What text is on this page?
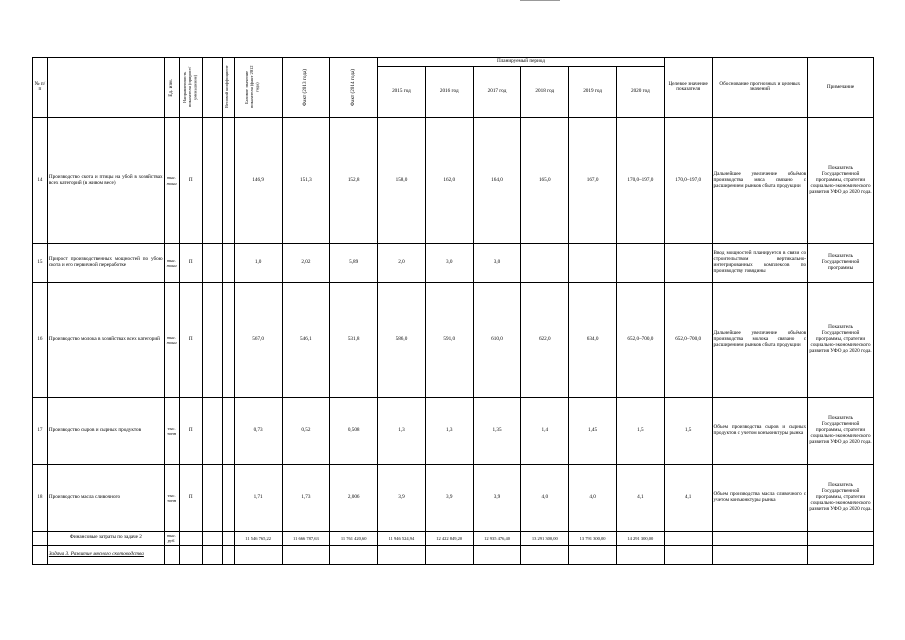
№ п/п		Ед. изм.	Направленность показателя (прирост/уменьшение)		Весовой коэффициент	Базовое значение показателя (факт 2012 года)	Факт (2013 года)	Факт (2014 года)	Планируемый период						Целевое значение показателя	Обоснование прогнозных и целевых значений	Примечание
									2015 год	2016 год	2017 год	2018 год	2019 год	2020 год			
14	Производство скота и птицы на убой в хозяйствах всех категорий (в живом весе)	тыс. тонн	П			146,9	151,3	152,8	158,0	162,0	164,0	165,0	167,0	170,0–197,0	170,0–197,0	Дальнейшее увеличение объёмов производства мяса связано с расширением рынков сбыта продукции	Показатель Государственной программы, стратегии социально-экономического развития УФО до 2020 года.
15	Прирост производственных мощностей по убою скота и его первичной переработке	тыс. тонн	П			1,0	2,02	5,89	2,0	3,0	3,0					Ввод мощностей планируется в связи со строительством вертикально-интегрированных комплексов по производству говядины	Показатель Государственной программы
16	Производство молока в хозяйствах всех категорий	тыс. тонн	П			567,0	546,1	531,8	586,0	591,0	610,0	622,0	634,0	652,0–700,0	652,0–700,0	Дальнейшее увеличение объёмов производства молока связано с расширением рынков сбыта продукции	Показатель Государственной программы, стратегии социально-экономического развития УФО до 2020 года.
17	Производство сыров и сырных продуктов	тыс. тонн	П			0,73	0,52	0,508	1,3	1,3	1,35	1,4	1,45	1,5	1,5	Объем производства сыров и сырных продуктов с учетом конъюнктуры рынка	Показатель Государственной программы, стратегии социально-экономического развития УФО до 2020 года.
18	Производство масла сливочного	тыс. тонн	П			1,71	1,73	2,006	3,9	3,9	3,9	4,0	4,0	4,1	4,1	Объем производства масла сливочного с учетом конъюнктуры рынка	Показатель Государственной программы, стратегии социально-экономического развития УФО до 2020 года.
	Финансовые затраты по задаче 2	тыс. руб.				11 546 765,22	11 666 787,63	11 761 420,60	11 946 524,94	12 422 849,20	12 935 476,40	13 291 300,00	13 791 300,00	14 291 300,00			
	Задача 3. Развитие мясного скотоводства																
